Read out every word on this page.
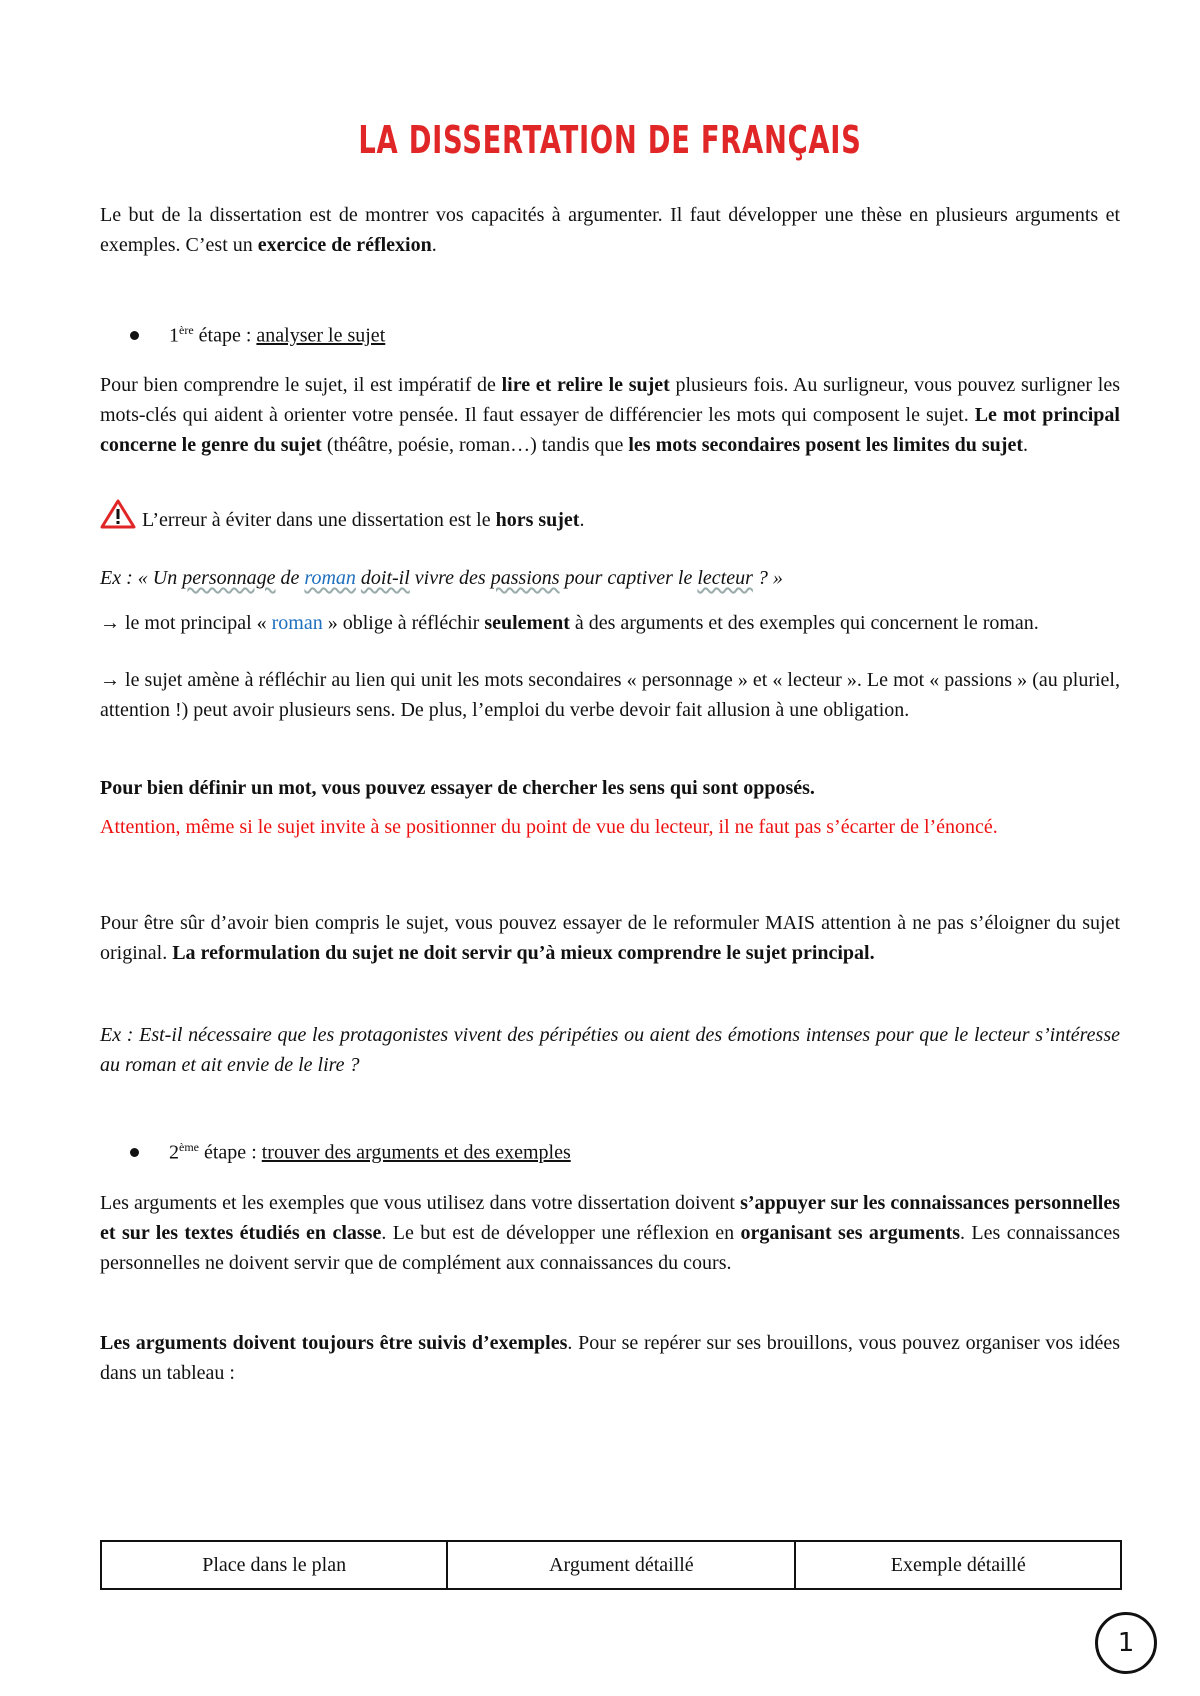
LA DISSERTATION DE FRANÇAIS
Le but de la dissertation est de montrer vos capacités à argumenter. Il faut développer une thèse en plusieurs arguments et exemples. C’est un exercice de réflexion.
1ère étape : analyser le sujet
Pour bien comprendre le sujet, il est impératif de lire et relire le sujet plusieurs fois. Au surligneur, vous pouvez surligner les mots-clés qui aident à orienter votre pensée. Il faut essayer de différencier les mots qui composent le sujet. Le mot principal concerne le genre du sujet (théâtre, poésie, roman…) tandis que les mots secondaires posent les limites du sujet.
L’erreur à éviter dans une dissertation est le hors sujet.
Ex : « Un personnage de roman doit-il vivre des passions pour captiver le lecteur ? »
→ le mot principal « roman » oblige à réfléchir seulement à des arguments et des exemples qui concernent le roman.
→ le sujet amène à réfléchir au lien qui unit les mots secondaires « personnage » et « lecteur ». Le mot « passions » (au pluriel, attention !) peut avoir plusieurs sens. De plus, l’emploi du verbe devoir fait allusion à une obligation.
Pour bien définir un mot, vous pouvez essayer de chercher les sens qui sont opposés.
Attention, même si le sujet invite à se positionner du point de vue du lecteur, il ne faut pas s’écarter de l’énoncé.
Pour être sûr d’avoir bien compris le sujet, vous pouvez essayer de le reformuler MAIS attention à ne pas s’éloigner du sujet original. La reformulation du sujet ne doit servir qu’à mieux comprendre le sujet principal.
Ex : Est-il nécessaire que les protagonistes vivent des péripéties ou aient des émotions intenses pour que le lecteur s’intéresse au roman et ait envie de le lire ?
2ème étape : trouver des arguments et des exemples
Les arguments et les exemples que vous utilisez dans votre dissertation doivent s’appuyer sur les connaissances personnelles et sur les textes étudiés en classe. Le but est de développer une réflexion en organisant ses arguments. Les connaissances personnelles ne doivent servir que de complément aux connaissances du cours.
Les arguments doivent toujours être suivis d’exemples. Pour se repérer sur ses brouillons, vous pouvez organiser vos idées dans un tableau :
Place dans le plan	Argument détaillé	Exemple détaillé
1
